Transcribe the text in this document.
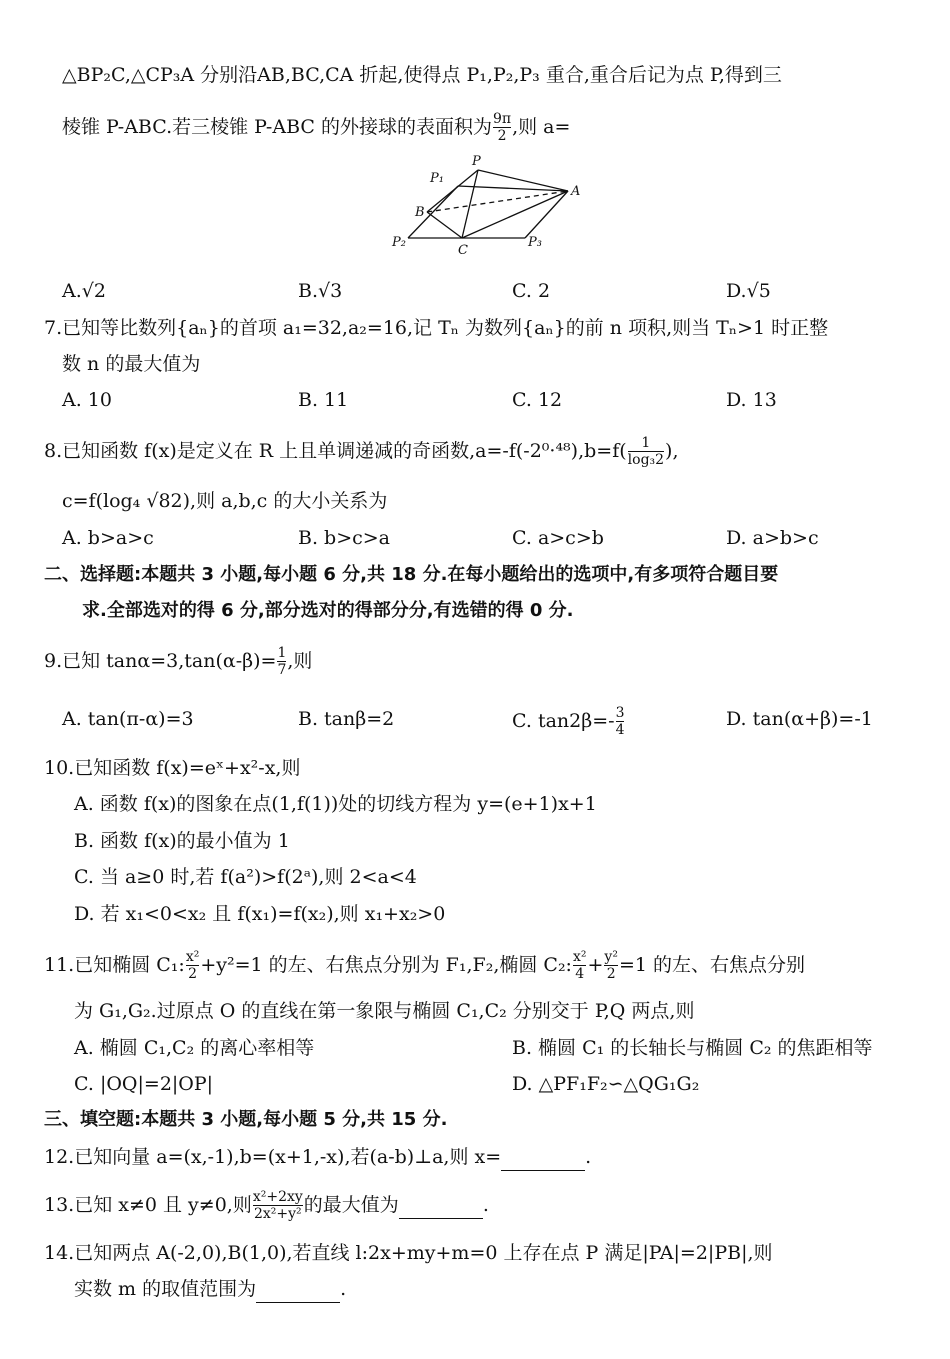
△BP₂C,△CP₃A 分别沿AB,BC,CA 折起,使得点 P₁,P₂,P₃ 重合,重合后记为点 P,得到三
棱锥 P-ABC.若三棱锥 P-ABC 的外接球的表面积为 $\frac{9\pi}{2}$ ,则 a=
P
P₁
A
B
P₂
C
P₃
A.√2	B.√3	C. 2	D.√5
7.已知等比数列{aₙ}的首项 a₁=32,a₂=16,记 Tₙ 为数列{aₙ}的前 n 项积,则当 Tₙ>1 时正整
数 n 的最大值为
A. 10	B. 11	C. 12	D. 13
8.已知函数 f(x)是定义在 R 上且单调递减的奇函数$,a=-f(-2^0\cdot^{48}),b=f( \frac{1}{\text{log₃2}}$ ),
c=f(log₄ √82),则 a,b,c 的大小关系为
A. b>a>c	B. b>c>a	C. a>c>b	D. a>b>c
二、选择题:本题共 3 小题,每小题 6 分,共 18 分.在每小题给出的选项中,有多项符合题目要
求.全部选对的得 6 分,部分选对的得部分分,有选错的得 0 分.
9.已知 $\tan\alpha=3,\tan(\alpha-\beta)= \frac{1}{7}$ ,则
A. tan(π-α)=3	B. tanβ=2	C. $\tan 2\beta=- \frac{3}{4}$	D. tan(α+β)=-1
10.已知函数 f(x)=eˣ+x²-x,则
A. 函数 f(x)的图象在点(1,f(1))处的切线方程为 y=(e+1)x+1
B. 函数 f(x)的最小值为 1
C. 当 a≥0 时,若 f(a²)>f(2ᵃ),则 2<a<4
D. 若 x₁<0<x₂ 且 f(x₁)=f(x₂),则 x₁+x₂>0
11.已知椭圆 C₁: $\frac{\text{x²}}{2} +y^2=1$ 的左、右焦点分别为 F₁,F₂,椭圆 C₂: $\frac{\text{x²}}{4} + \frac{\text{y²}}{2} =1$ 的左、右焦点分别
为 G₁,G₂.过原点 O 的直线在第一象限与椭圆 C₁,C₂ 分别交于 P,Q 两点,则
A. 椭圆 C₁,C₂ 的离心率相等	B. 椭圆 C₁ 的长轴长与椭圆 C₂ 的焦距相等
C. |OQ|=2|OP|	D. △PF₁F₂∽△QG₁G₂
三、填空题:本题共 3 小题,每小题 5 分,共 15 分.
12.已知向量 a=(x,-1),b=(x+1,-x),若(a-b)⊥a,则 x=	.
13.已知 x≠0 且 y≠0,则 $\frac{\text{x²+2xy}}{\text{2x²+y²}}$ 的最大值为	.
14.已知两点 A(-2,0),B(1,0),若直线 l:2x+my+m=0 上存在点 P 满足|PA|=2|PB|,则
实数 m 的取值范围为	.
